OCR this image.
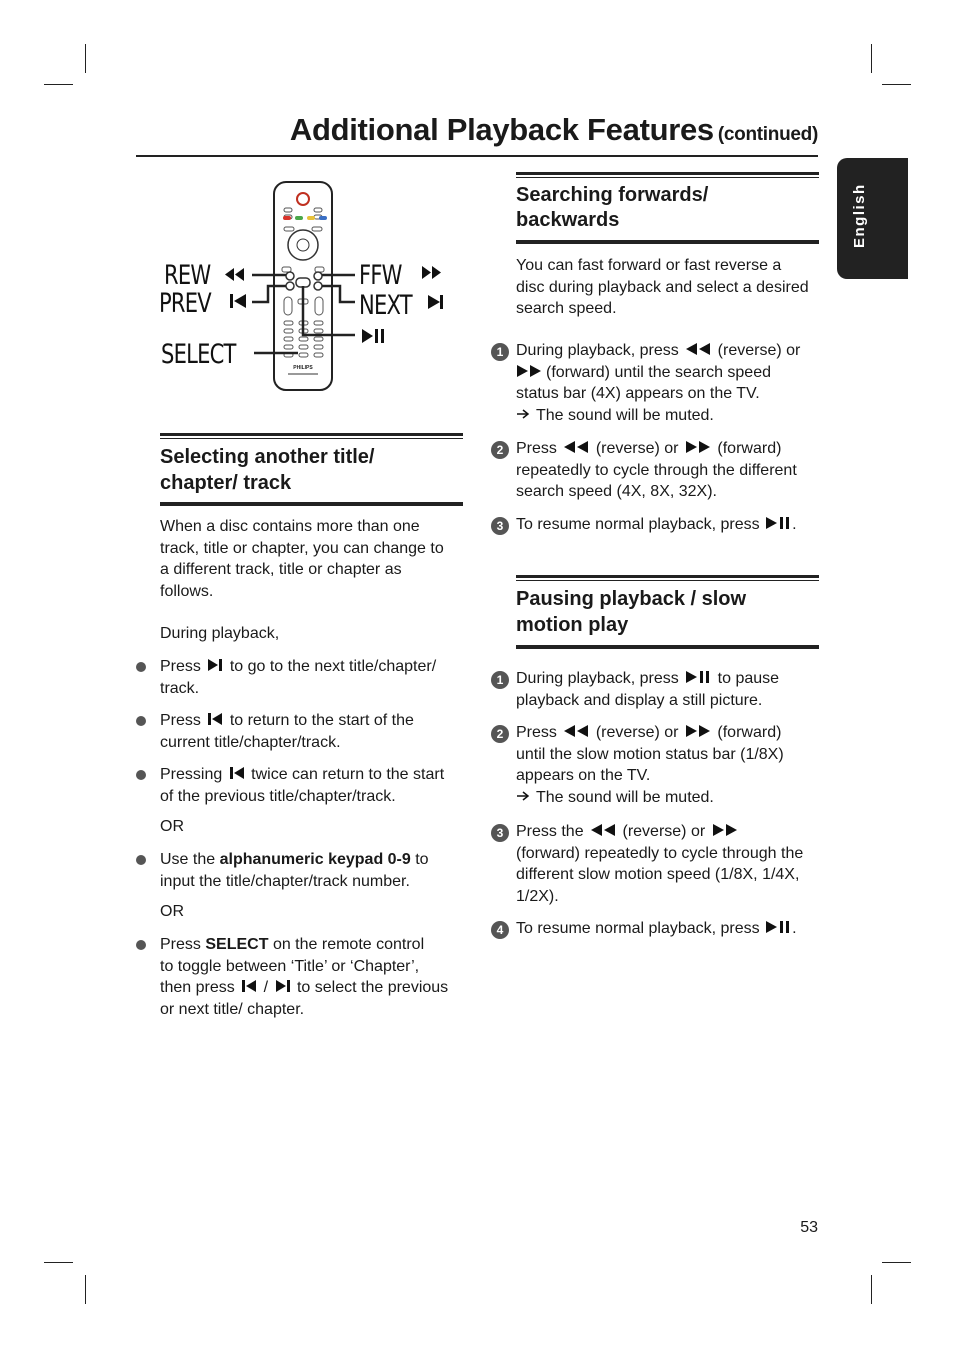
Additional Playback Features (continued)
English
PHILIPS
REW
PREV
SELECT
FFW
NEXT
Selecting another title/
chapter/ track
When a disc contains more than one
track, title or chapter, you can change to
a different track, title or chapter as
follows.
During playback,
Press to go to the next title/chapter/
track.
Press to return to the start of the
current title/chapter/track.
Pressing twice can return to the start
of the previous title/chapter/track.
OR
Use the alphanumeric keypad 0-9 to
input the title/chapter/track number.
OR
Press SELECT on the remote control
to toggle between ‘Title’ or ‘Chapter’,
then press / to select the previous
or next title/ chapter.
Searching forwards/
backwards
You can fast forward or fast reverse a
disc during playback and select a desired
search speed.
1 During playback, press (reverse) or
(forward) until the search speed
status bar (4X) appears on the TV.
The sound will be muted.
2 Press (reverse) or (forward)
repeatedly to cycle through the different
search speed (4X, 8X, 32X).
3 To resume normal playback, press .
Pausing playback / slow
motion play
1 During playback, press to pause
playback and display a still picture.
2 Press (reverse) or (forward)
until the slow motion status bar (1/8X)
appears on the TV.
The sound will be muted.
3 Press the (reverse) or
(forward) repeatedly to cycle through the
different slow motion speed (1/8X, 1/4X,
1/2X).
4 To resume normal playback, press .
53
